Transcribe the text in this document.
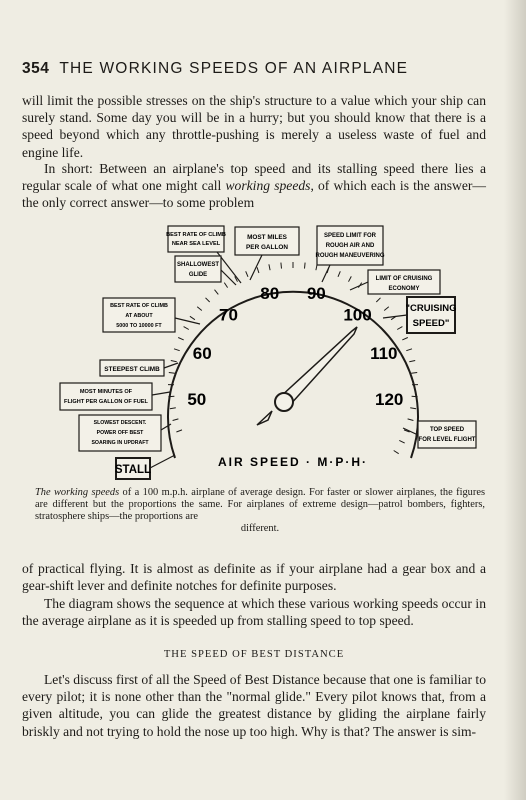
354 THE WORKING SPEEDS OF AN AIRPLANE
will limit the possible stresses on the ship's structure to a value which your ship can surely stand. Some day you will be in a hurry; but you should know that there is a speed beyond which any throttle-pushing is merely a useless waste of fuel and engine life.
In short: Between an airplane's top speed and its stalling speed there lies a regular scale of what one might call working speeds, of which each is the answer—the only correct answer—to some problem
50
60
70
80 90
100
110
120
AIR SPEED · M·P·H·
BEST RATE OF CLIMB
NEAR SEA LEVEL
MOST MILES
PER GALLON
SPEED LIMIT FOR
ROUGH AIR AND
ROUGH MANEUVERING
SHALLOWEST
GLIDE
LIMIT OF CRUISING
ECONOMY
"CRUISING
SPEED"
BEST RATE OF CLIMB
AT ABOUT
5000 TO 10000 FT
STEEPEST CLIMB
MOST MINUTES OF
FLIGHT PER GALLON OF FUEL
SLOWEST DESCENT.
POWER OFF BEST
SOARING IN UPDRAFT
STALL
TOP SPEED
FOR LEVEL FLIGHT
The working speeds of a 100 m.p.h. airplane of average design. For faster or slower airplanes, the figures are different but the proportions the same. For airplanes of extreme design—patrol bombers, fighters, stratosphere ships—the proportions are
different.
of practical flying. It is almost as definite as if your airplane had a gear box and a gear-shift lever and definite notches for definite purposes.
The diagram shows the sequence at which these various working speeds occur in the average airplane as it is speeded up from stalling speed to top speed.
THE SPEED OF BEST DISTANCE
Let's discuss first of all the Speed of Best Distance because that one is familiar to every pilot; it is none other than the "normal glide." Every pilot knows that, from a given altitude, you can glide the greatest distance by gliding the airplane fairly briskly and not trying to hold the nose up too high. Why is that? The answer is sim-
